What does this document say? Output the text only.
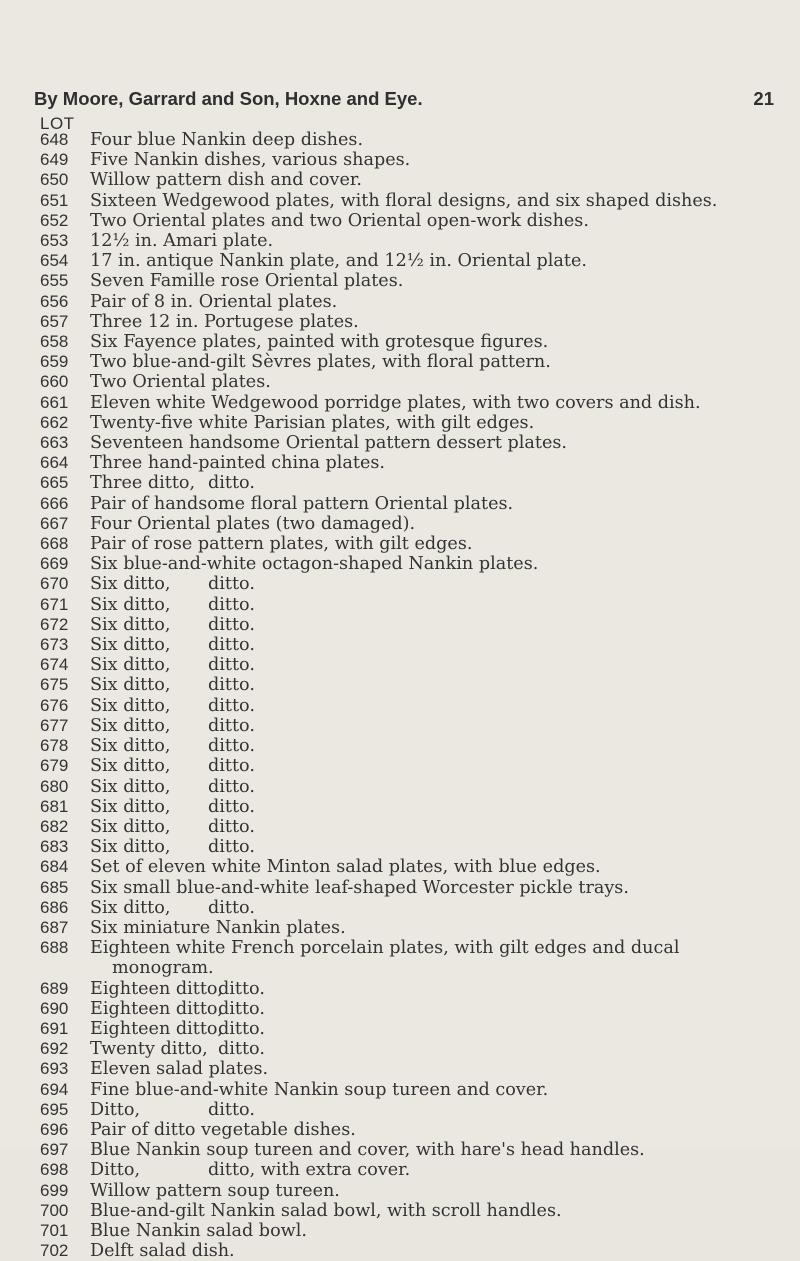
By Moore, Garrard and Son, Hoxne and Eye.	21
LOT
648	Four blue Nankin deep dishes.
649	Five Nankin dishes, various shapes.
650	Willow pattern dish and cover.
651	Sixteen Wedgewood plates, with floral designs, and six shaped dishes.
652	Two Oriental plates and two Oriental open-work dishes.
653	12½ in. Amari plate.
654	17 in. antique Nankin plate, and 12½ in. Oriental plate.
655	Seven Famille rose Oriental plates.
656	Pair of 8 in. Oriental plates.
657	Three 12 in. Portugese plates.
658	Six Fayence plates, painted with grotesque figures.
659	Two blue-and-gilt Sèvres plates, with floral pattern.
660	Two Oriental plates.
661	Eleven white Wedgewood porridge plates, with two covers and dish.
662	Twenty-five white Parisian plates, with gilt edges.
663	Seventeen handsome Oriental pattern dessert plates.
664	Three hand-painted china plates.
665	Three ditto, ditto.
666	Pair of handsome floral pattern Oriental plates.
667	Four Oriental plates (two damaged).
668	Pair of rose pattern plates, with gilt edges.
669	Six blue-and-white octagon-shaped Nankin plates.
670	Six ditto, ditto.
671	Six ditto, ditto.
672	Six ditto, ditto.
673	Six ditto, ditto.
674	Six ditto, ditto.
675	Six ditto, ditto.
676	Six ditto, ditto.
677	Six ditto, ditto.
678	Six ditto, ditto.
679	Six ditto, ditto.
680	Six ditto, ditto.
681	Six ditto, ditto.
682	Six ditto, ditto.
683	Six ditto, ditto.
684	Set of eleven white Minton salad plates, with blue edges.
685	Six small blue-and-white leaf-shaped Worcester pickle trays.
686	Six ditto, ditto.
687	Six miniature Nankin plates.
688	Eighteen white French porcelain plates, with gilt edges and ducal
monogram.
689	Eighteen ditto,ditto.
690	Eighteen ditto,ditto.
691	Eighteen ditto,ditto.
692	Twenty ditto, ditto.
693	Eleven salad plates.
694	Fine blue-and-white Nankin soup tureen and cover.
695	Ditto,	ditto.
696	Pair of ditto vegetable dishes.
697	Blue Nankin soup tureen and cover, with hare's head handles.
698	Ditto,	ditto, with extra cover.
699	Willow pattern soup tureen.
700	Blue-and-gilt Nankin salad bowl, with scroll handles.
701	Blue Nankin salad bowl.
702	Delft salad dish.
